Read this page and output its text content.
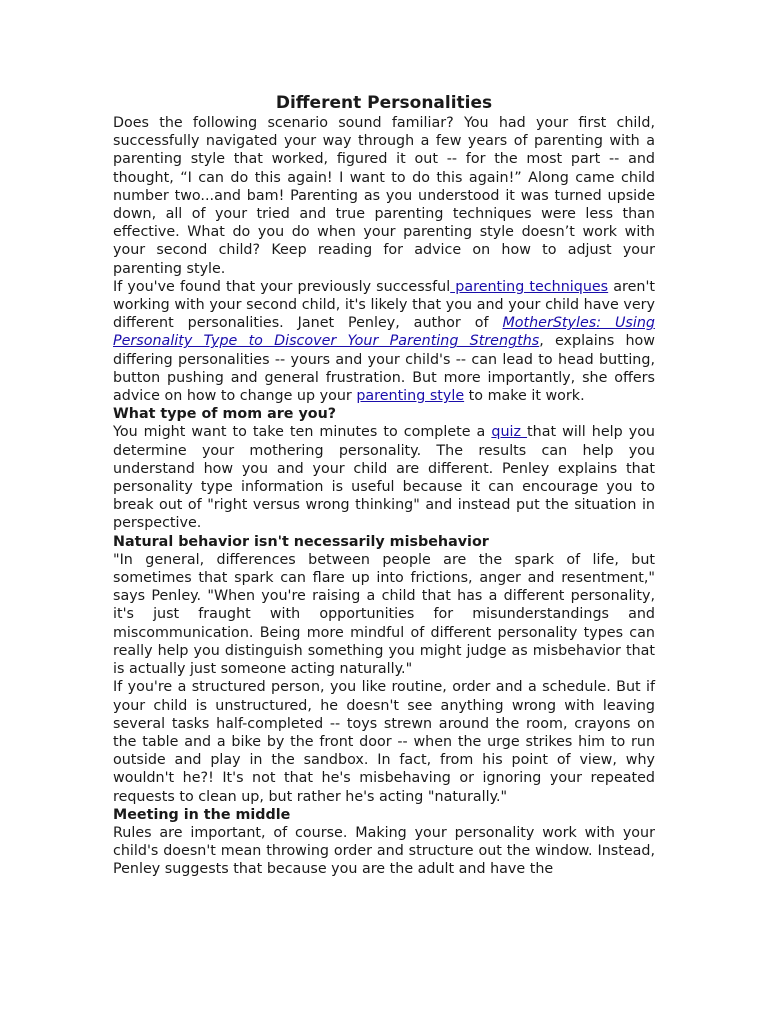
Different Personalities

Does the following scenario sound familiar? You had your first child, successfully navigated your way through a few years of parenting with a parenting style that worked, figured it out -- for the most part -- and thought, “I can do this again! I want to do this again!” Along came child number two...and bam! Parenting as you understood it was turned upside down, all of your tried and true parenting techniques were less than effective. What do you do when your parenting style doesn’t work with your second child? Keep reading for advice on how to adjust your parenting style.

If you've found that your previously successful parenting techniques aren't working with your second child, it's likely that you and your child have very different personalities. Janet Penley, author of MotherStyles: Using Personality Type to Discover Your Parenting Strengths, explains how differing personalities -- yours and your child's -- can lead to head butting, button pushing and general frustration. But more importantly, she offers advice on how to change up your parenting style to make it work.

What type of mom are you?

You might want to take ten minutes to complete a quiz that will help you determine your mothering personality. The results can help you understand how you and your child are different. Penley explains that personality type information is useful because it can encourage you to break out of "right versus wrong thinking" and instead put the situation in perspective.

Natural behavior isn't necessarily misbehavior

"In general, differences between people are the spark of life, but sometimes that spark can flare up into frictions, anger and resentment," says Penley. "When you're raising a child that has a different personality, it's just fraught with opportunities for misunderstandings and miscommunication. Being more mindful of different personality types can really help you distinguish something you might judge as misbehavior that is actually just someone acting naturally."

If you're a structured person, you like routine, order and a schedule. But if your child is unstructured, he doesn't see anything wrong with leaving several tasks half-completed -- toys strewn around the room, crayons on the table and a bike by the front door -- when the urge strikes him to run outside and play in the sandbox. In fact, from his point of view, why wouldn't he?! It's not that he's misbehaving or ignoring your repeated requests to clean up, but rather he's acting "naturally."

Meeting in the middle

Rules are important, of course. Making your personality work with your child's doesn't mean throwing order and structure out the window. Instead, Penley suggests that because you are the adult and have the
